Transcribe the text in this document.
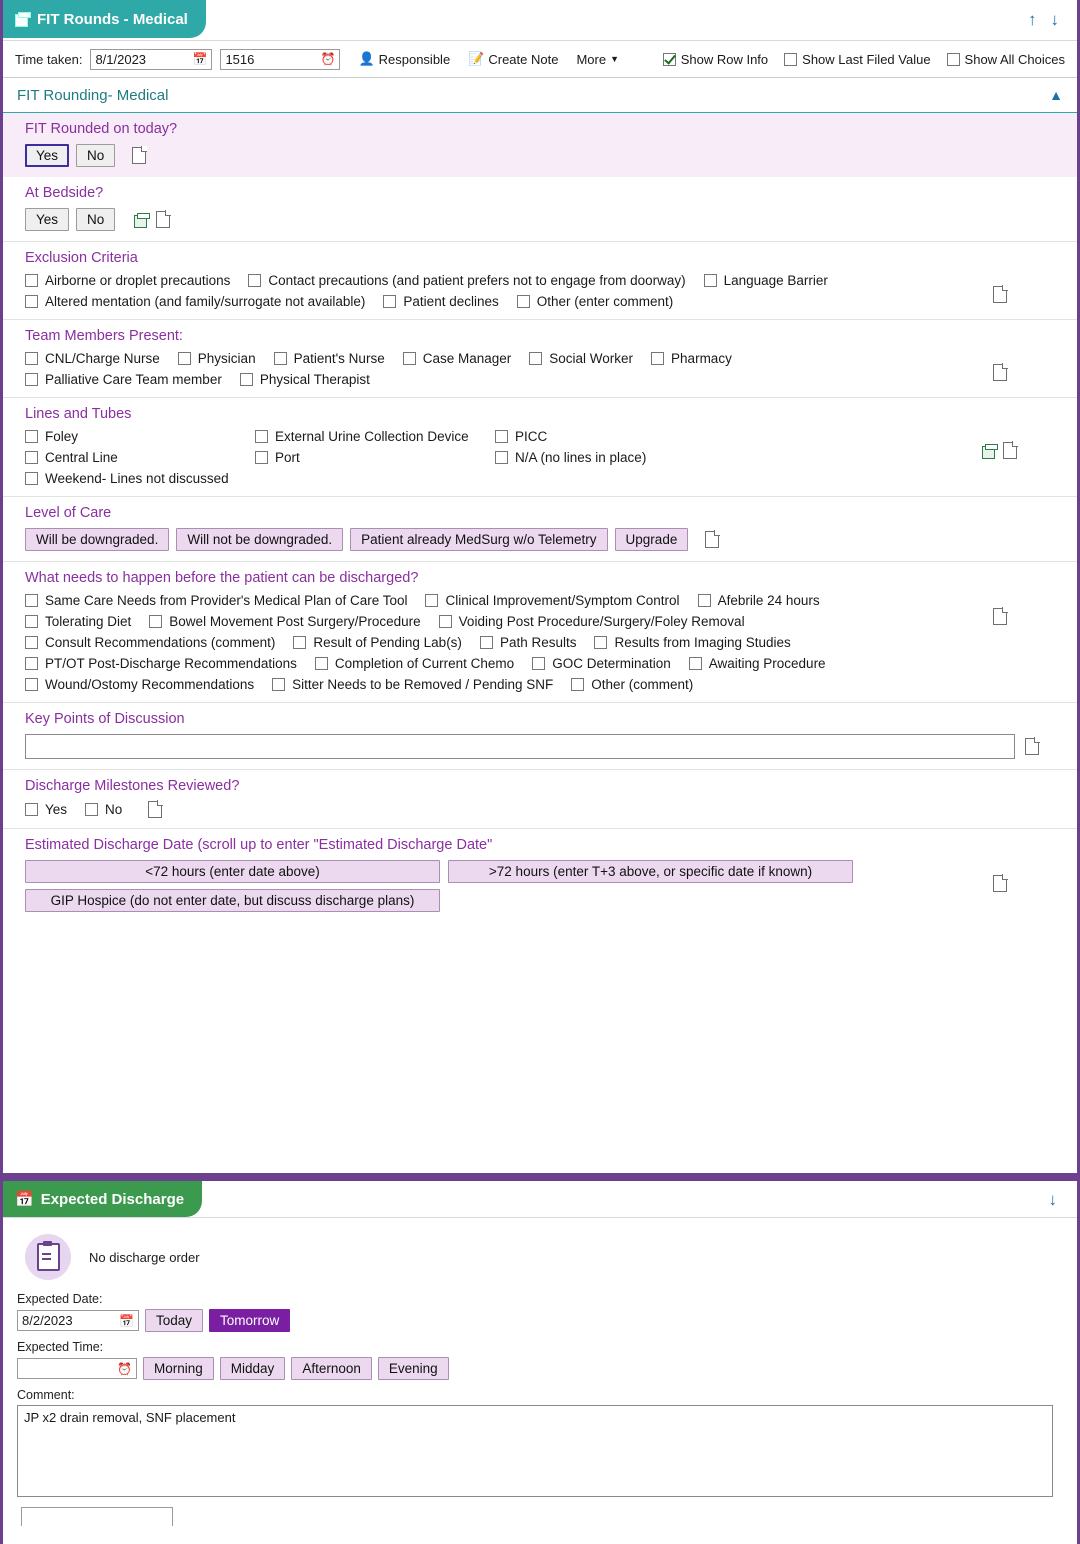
FIT Rounds - Medical	↑ ↓
Time taken: 8/1/2023	📅 1516	⏰ 👤 Responsible 📝 Create Note More ▼	Show Row Info	Show Last Filed Value	Show All Choices
FIT Rounding- Medical	▲
FIT Rounded on today?
Yes	No
At Bedside?
Yes	No
Exclusion Criteria
Airborne or droplet precautions	Contact precautions (and patient prefers not to engage from doorway)	Language Barrier
Altered mentation (and family/surrogate not available)	Patient declines	Other (enter comment)
Team Members Present:
CNL/Charge Nurse	Physician	Patient's Nurse	Case Manager	Social Worker	Pharmacy
Palliative Care Team member	Physical Therapist
Lines and Tubes
Foley	External Urine Collection Device	PICC
Central Line	Port	N/A (no lines in place)
Weekend- Lines not discussed
Level of Care
Will be downgraded.	Will not be downgraded.	Patient already MedSurg w/o Telemetry	Upgrade
What needs to happen before the patient can be discharged?
Same Care Needs from Provider's Medical Plan of Care Tool	Clinical Improvement/Symptom Control	Afebrile 24 hours
Tolerating Diet	Bowel Movement Post Surgery/Procedure	Voiding Post Procedure/Surgery/Foley Removal
Consult Recommendations (comment)	Result of Pending Lab(s)	Path Results	Results from Imaging Studies
PT/OT Post-Discharge Recommendations	Completion of Current Chemo	GOC Determination	Awaiting Procedure
Wound/Ostomy Recommendations	Sitter Needs to be Removed / Pending SNF	Other (comment)
Key Points of Discussion
Discharge Milestones Reviewed?
Yes	No
Estimated Discharge Date (scroll up to enter "Estimated Discharge Date"
<72 hours (enter date above)	>72 hours (enter T+3 above, or specific date if known)
GIP Hospice (do not enter date, but discuss discharge plans)
📅 Expected Discharge	↓
No discharge order
Expected Date:
8/2/2023	📅	Today	Tomorrow
Expected Time:
⏰	Morning	Midday	Afternoon	Evening
Comment:
JP x2 drain removal, SNF placement
